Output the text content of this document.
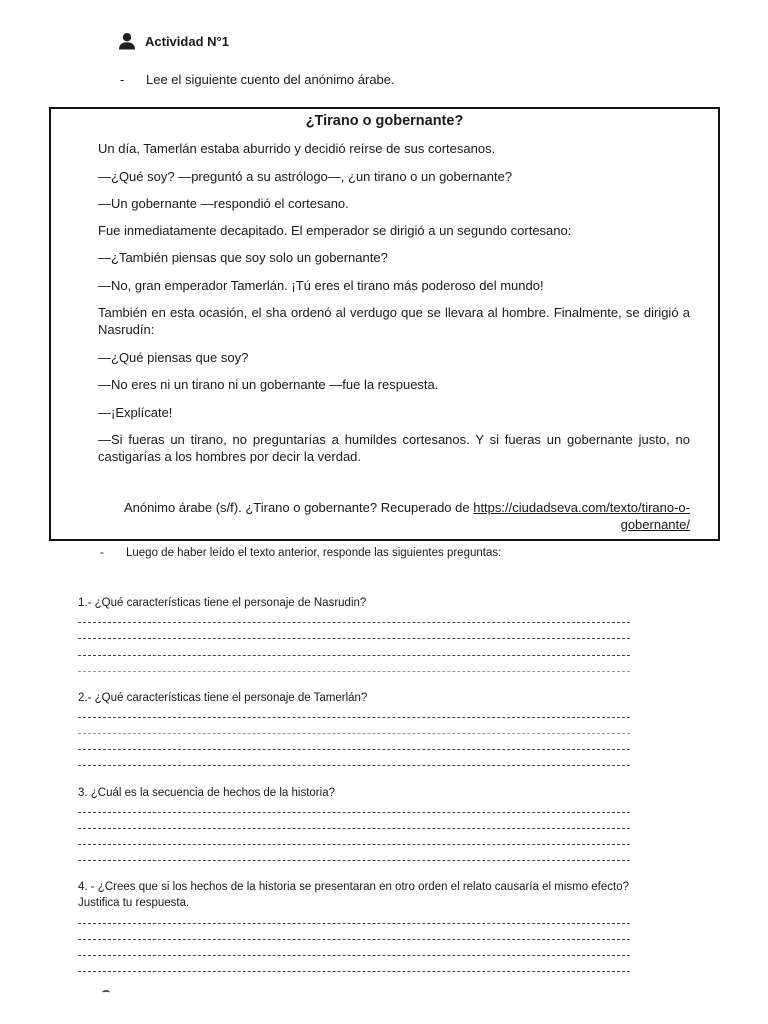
Actividad N°1
-	Lee el siguiente cuento del anónimo árabe.
¿Tirano o gobernante?

Un día, Tamerlán estaba aburrido y decidió reírse de sus cortesanos.

—¿Qué soy? —preguntó a su astrólogo—, ¿un tirano o un gobernante?

—Un gobernante —respondió el cortesano.

Fue inmediatamente decapitado. El emperador se dirigió a un segundo cortesano:

—¿También piensas que soy solo un gobernante?

—No, gran emperador Tamerlán. ¡Tú eres el tirano más poderoso del mundo!

También en esta ocasión, el sha ordenó al verdugo que se llevara al hombre. Finalmente, se dirigió a Nasrudín:

—¿Qué piensas que soy?

—No eres ni un tirano ni un gobernante —fue la respuesta.

—¡Explícate!

—Si fueras un tirano, no preguntarías a humildes cortesanos. Y si fueras un gobernante justo, no castigarías a los hombres por decir la verdad.

Anónimo árabe (s/f). ¿Tirano o gobernante? Recuperado de https://ciudadseva.com/texto/tirano-o-gobernante/
-	Luego de haber leído el texto anterior, responde las siguientes preguntas:
1.- ¿Qué características tiene el personaje de Nasrudin?
2.- ¿Qué características tiene el personaje de Tamerlán?
3. ¿Cuál es la secuencia de hechos de la historia?
4. - ¿Crees que si los hechos de la historia se presentaran en otro orden el relato causaría el mismo efecto? Justifica tu respuesta.
